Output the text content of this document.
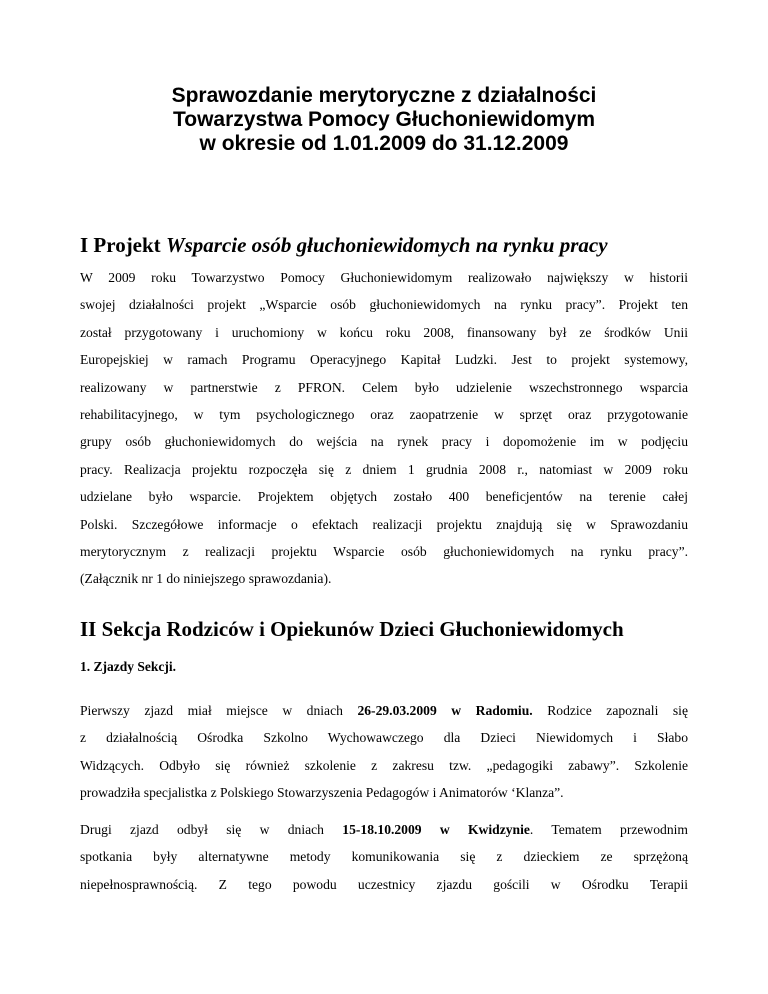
Sprawozdanie merytoryczne z działalności
Towarzystwa Pomocy Głuchoniewidomym
w okresie od 1.01.2009 do 31.12.2009
I Projekt Wsparcie osób głuchoniewidomych na rynku pracy
W 2009 roku Towarzystwo Pomocy Głuchoniewidomym realizowało największy w historii
swojej działalności projekt „Wsparcie osób głuchoniewidomych na rynku pracy”. Projekt ten
został przygotowany i uruchomiony w końcu roku 2008, finansowany był ze środków Unii
Europejskiej w ramach Programu Operacyjnego Kapitał Ludzki. Jest to projekt systemowy,
realizowany w partnerstwie z PFRON. Celem było udzielenie wszechstronnego wsparcia
rehabilitacyjnego, w tym psychologicznego oraz zaopatrzenie w sprzęt oraz przygotowanie
grupy osób głuchoniewidomych do wejścia na rynek pracy i dopomożenie im w podjęciu
pracy. Realizacja projektu rozpoczęła się z dniem 1 grudnia 2008 r., natomiast w 2009 roku
udzielane było wsparcie. Projektem objętych zostało 400 beneficjentów na terenie całej
Polski. Szczegółowe informacje o efektach realizacji projektu znajdują się w Sprawozdaniu
merytorycznym z realizacji projektu Wsparcie osób głuchoniewidomych na rynku pracy”.
(Załącznik nr 1 do niniejszego sprawozdania).
II Sekcja Rodziców i Opiekunów Dzieci Głuchoniewidomych
1. Zjazdy Sekcji.
Pierwszy zjazd miał miejsce w dniach 26-29.03.2009 w Radomiu. Rodzice zapoznali się
z działalnością Ośrodka Szkolno Wychowawczego dla Dzieci Niewidomych i Słabo
Widzących. Odbyło się również szkolenie z zakresu tzw. „pedagogiki zabawy”. Szkolenie
prowadziła specjalistka z Polskiego Stowarzyszenia Pedagogów i Animatorów ‘Klanza”.
Drugi zjazd odbył się w dniach 15-18.10.2009 w Kwidzynie. Tematem przewodnim
spotkania były alternatywne metody komunikowania się z dzieckiem ze sprzężoną
niepełnosprawnością. Z tego powodu uczestnicy zjazdu gościli w Ośrodku Terapii
